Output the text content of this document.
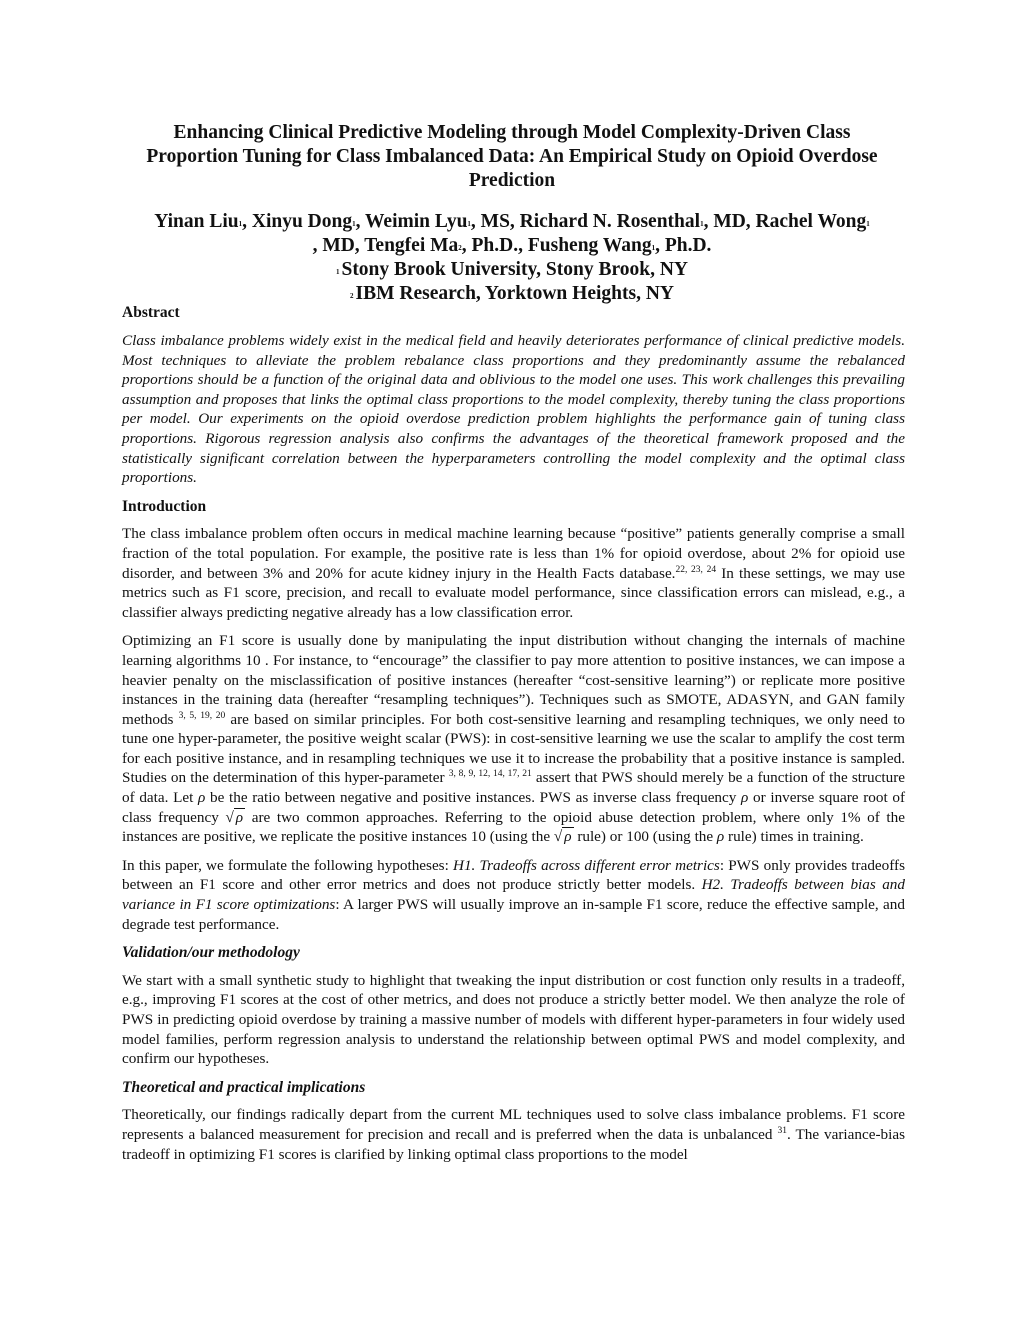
Enhancing Clinical Predictive Modeling through Model Complexity-Driven Class
Proportion Tuning for Class Imbalanced Data: An Empirical Study on Opioid Overdose
Prediction
Yinan Liu$^1$, Xinyu Dong$^1$, Weimin Lyu$^1$, MS, Richard N. Rosenthal$^1$, MD, Rachel Wong$^1$
, MD, Tengfei Ma$^2$, Ph.D., Fusheng Wang$^1$, Ph.D.
$^1$ Stony Brook University, Stony Brook, NY
$^2$ IBM Research, Yorktown Heights, NY
Abstract

Class imbalance problems widely exist in the medical field and heavily deteriorates performance of clinical predictive models. Most techniques to alleviate the problem rebalance class proportions and they predominantly assume the rebalanced proportions should be a function of the original data and oblivious to the model one uses. This work challenges this prevailing assumption and proposes that links the optimal class proportions to the model complexity, thereby tuning the class proportions per model. Our experiments on the opioid overdose prediction problem highlights the performance gain of tuning class proportions. Rigorous regression analysis also confirms the advantages of the theoretical framework proposed and the statistically significant correlation between the hyperparameters controlling the model complexity and the optimal class proportions.

Introduction

The class imbalance problem often occurs in medical machine learning because “positive” patients generally comprise a small fraction of the total population. For example, the positive rate is less than 1% for opioid overdose, about 2% for opioid use disorder, and between 3% and 20% for acute kidney injury in the Health Facts database.$^{22, 23, 24}$ In these settings, we may use metrics such as F1 score, precision, and recall to evaluate model performance, since classification errors can mislead, e.g., a classifier always predicting negative already has a low classification error.

Optimizing an F1 score is usually done by manipulating the input distribution without changing the internals of machine learning algorithms 10 . For instance, to “encourage” the classifier to pay more attention to positive instances, we can impose a heavier penalty on the misclassification of positive instances (hereafter “cost-sensitive learning”) or replicate more positive instances in the training data (hereafter “resampling techniques”). Techniques such as SMOTE, ADASYN, and GAN family methods $^{3, 5, 19, 20}$ are based on similar principles. For both cost-sensitive learning and resampling techniques, we only need to tune one hyper-parameter, the positive weight scalar (PWS): in cost-sensitive learning we use the scalar to amplify the cost term for each positive instance, and in resampling techniques we use it to increase the probability that a positive instance is sampled. Studies on the determination of this hyper-parameter $^{3, 8, 9, 12, 14, 17, 21}$ assert that PWS should merely be a function of the structure of data. Let ρ be the ratio between negative and positive instances. PWS as inverse class frequency ρ or inverse square root of class frequency √ ρ are two common approaches. Referring to the opioid abuse detection problem, where only 1% of the instances are positive, we replicate the positive instances 10 (using the √ ρ rule) or 100 (using the ρ rule) times in training.

In this paper, we formulate the following hypotheses: H1. Tradeoffs across different error metrics: PWS only provides tradeoffs between an F1 score and other error metrics and does not produce strictly better models. H2. Tradeoffs between bias and variance in F1 score optimizations: A larger PWS will usually improve an in-sample F1 score, reduce the effective sample, and degrade test performance.

Validation/our methodology

We start with a small synthetic study to highlight that tweaking the input distribution or cost function only results in a tradeoff, e.g., improving F1 scores at the cost of other metrics, and does not produce a strictly better model. We then analyze the role of PWS in predicting opioid overdose by training a massive number of models with different hyper-parameters in four widely used model families, perform regression analysis to understand the relationship between optimal PWS and model complexity, and confirm our hypotheses.

Theoretical and practical implications

Theoretically, our findings radically depart from the current ML techniques used to solve class imbalance problems. F1 score represents a balanced measurement for precision and recall and is preferred when the data is unbalanced $^{31}$. The variance-bias tradeoff in optimizing F1 scores is clarified by linking optimal class proportions to the model
